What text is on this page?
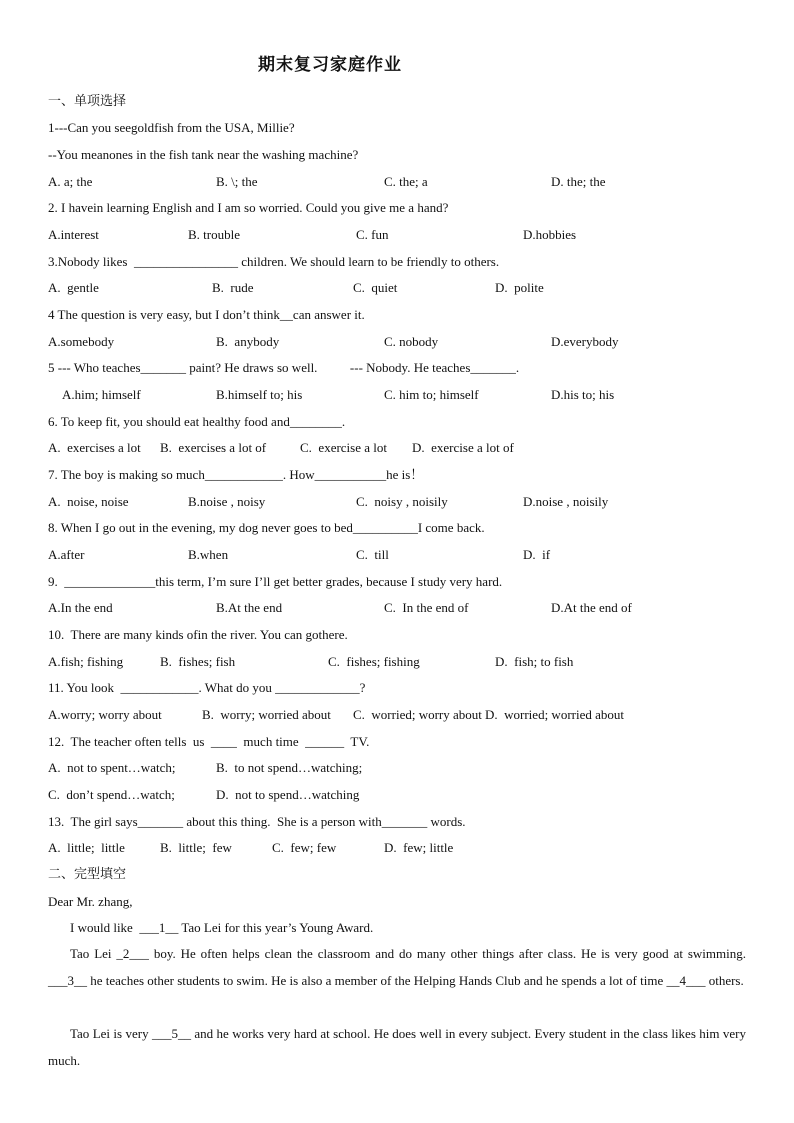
期末复习家庭作业
一、单项选择
1---Can you seegoldfish from the USA, Millie?
--You meanones in the fish tank near the washing machine?
A. a; the	B. \; the	C. the; a	D. the; the
2. I havein learning English and I am so worried. Could you give me a hand?
A.interest	B. trouble	C. fun	D.hobbies
3.Nobody likes  ________________ children. We should learn to be friendly to others.
A.  gentle	B.  rude	C.  quiet	D.  polite
4 The question is very easy, but I don’t think__can answer it.
A.somebody	B.  anybody	C. nobody	D.everybody
5 --- Who teaches_______ paint? He draws so well.          --- Nobody. He teaches_______.
A.him; himself	B.himself to; his	C. him to; himself	D.his to; his
6. To keep fit, you should eat healthy food and________.
A.  exercises a lot B.  exercises a lot of	C.  exercise a lot D.  exercise a lot of
7. The boy is making so much____________. How___________he is！
A.  noise, noise	B.noise , noisy	C.  noisy , noisily	D.noise , noisily
8. When I go out in the evening, my dog never goes to bed__________I come back.
A.after	B.when	C.  till	D.  if
9.  ______________this term, I’m sure I’ll get better grades, because I study very hard.
A.In the end	B.At the end	C.  In the end of	D.At the end of
10.  There are many kinds ofin the river. You can gothere.
A.fish; fishing	B.  fishes; fish	C.  fishes; fishing	D.  fish; to fish
11. You look  ____________. What do you _____________?
A.worry; worry about	B.  worry; worried about C.  worried; worry about D.  worried; worried about
12.  The teacher often tells  us  ____  much time  ______  TV.
A.  not to spent…watch;	B.  to not spend…watching;
C.  don’t spend…watch;	D.  not to spend…watching
13.  The girl says_______ about this thing.  She is a person with_______ words.
A.  little;  little	B.  little;  few	C.  few; few	D.  few; little
二、完型填空
Dear Mr. zhang,
I would like  ___1__ Tao Lei for this year’s Young Award.
Tao Lei _2___ boy. He often helps clean the classroom and do many other things after class. He is very good at swimming. ___3__ he teaches other students to swim. He is also a member of the Helping Hands Club and he spends a lot of time __4___ others.
Tao Lei is very ___5__ and he works very hard at school. He does well in every subject. Every student in the class likes him very much.
